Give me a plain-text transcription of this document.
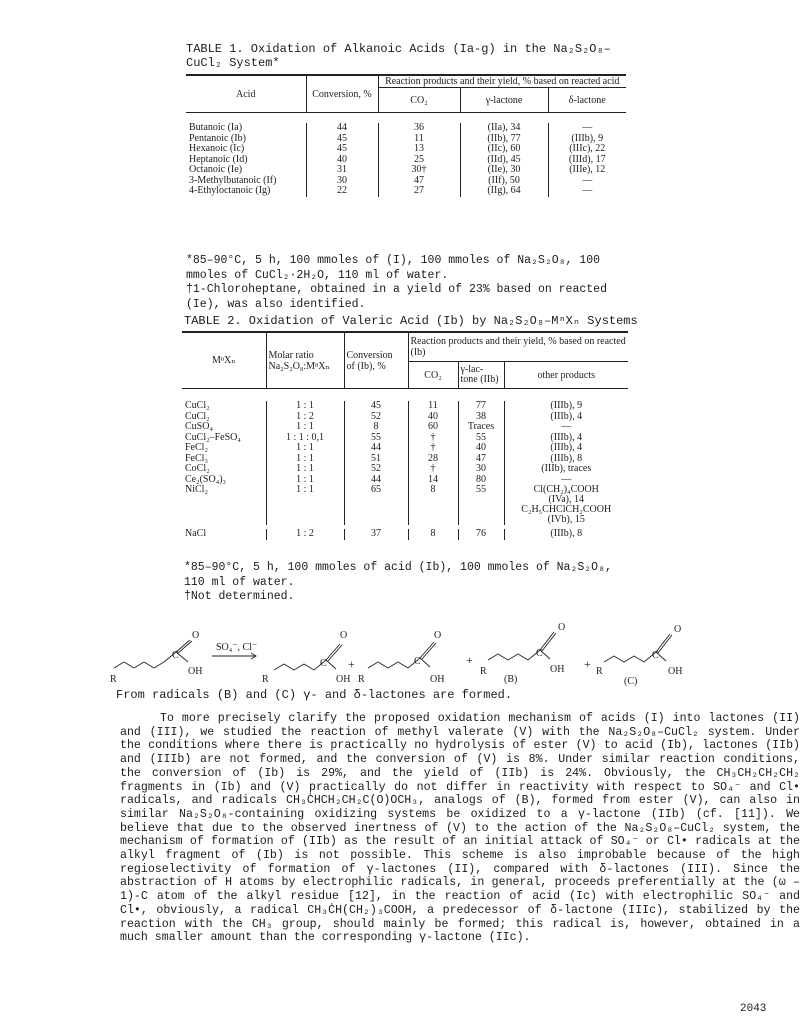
TABLE 1. Oxidation of Alkanoic Acids (Ia-g) in the Na₂S₂O₈–
CuCl₂ System*
Acid	Conversion, %	Reaction products and their yield, % based on reacted acid		
		CO₂	γ-lactone	δ-lactone

Butanoic (Ia)	44	36	(IIa), 34	—
Pentanoic (Ib)	45	11	(IIb), 77	(IIIb), 9
Hexanoic (Ic)	45	13	(IIc), 60	(IIIc), 22
Heptanoic (Id)	40	25	(IId), 45	(IIId), 17
Octanoic (Ie)	31	30†	(IIe), 30	(IIIe), 12
3-Methylbutanoic (If)	30	47	(IIf), 50	—
4-Ethyloctanoic (Ig)	22	27	(IIg), 64	—
*85–90°C, 5 h, 100 mmoles of (I), 100 mmoles of Na₂S₂O₈, 100 mmoles of CuCl₂·2H₂O, 110 ml of water.
†1-Chloroheptane, obtained in a yield of 23% based on reacted (Ie), was also identified.
TABLE 2. Oxidation of Valeric Acid (Ib) by Na₂S₂O₈–MⁿXₙ Systems
MⁿXₙ	Molar ratio
Na₂S₂O₈:MⁿXₙ	Conversion
of (Ib), %	Reaction products and their yield, % based on reacted (Ib)		
			CO₂	γ-lac-
tone (IIb)	other products

CuCl₂	1 : 1	45	11	77	(IIIb), 9
CuCl₂	1 : 2	52	40	38	(IIIb), 4
CuSO₄	1 : 1	8	60	Traces	—
CuCl₂–FeSO₄	1 : 1 : 0,1	55	†	55	(IIIb), 4
FeCl₂	1 : 1	44	†	40	(IIIb), 4
FeCl₃	1 : 1	51	28	47	(IIIb), 8
CoCl₂	1 : 1	52	†	30	(IIIb), traces
Ce₂(SO₄)₃	1 : 1	44	14	80	—
NiCl₂	1 : 1	65	8	55	Cl(CH₂)₄COOH
(IVa), 14
C₂H₅CHClCH₂COOH
(IVb), 15

NaCl	1 : 2	37	8	76	(IIIb), 8
*85–90°C, 5 h, 100 mmoles of acid (Ib), 100 mmoles of Na₂S₂O₈, 110 ml of water.
†Not determined.
R
C
O
OH
SO₄⁻, Cl⁻
R
C
O
OH
+
R
C
O
OH
+
R
C
O
OH
(B)
+
R
C
O
OH
(C)
From radicals (B) and (C) γ- and δ-lactones are formed.

To more precisely clarify the proposed oxidation mechanism of acids (I) into lactones (II) and (III), we studied the reaction of methyl valerate (V) with the Na₂S₂O₈–CuCl₂ system. Under the conditions where there is practically no hydrolysis of ester (V) to acid (Ib), lactones (IIb) and (IIIb) are not formed, and the conversion of (V) is 8%. Under similar reaction conditions, the conversion of (Ib) is 29%, and the yield of (IIb) is 24%. Obviously, the CH₃CH₂CH₂CH₂ fragments in (Ib) and (V) practically do not differ in reactivity with respect to SO₄⁻ and Cl• radicals, and radicals CH₃ĊHCH₂CH₂C(O)OCH₃, analogs of (B), formed from ester (V), can also in similar Na₂S₂O₈-containing oxidizing systems be oxidized to a γ-lactone (IIb) (cf. [11]). We believe that due to the observed inertness of (V) to the action of the Na₂S₂O₈–CuCl₂ system, the mechanism of formation of (IIb) as the result of an initial attack of SO₄⁻ or Cl• radicals at the alkyl fragment of (Ib) is not possible. This scheme is also improbable because of the high regioselectivity of formation of γ-lactones (II), compared with δ-lactones (III). Since the abstraction of H atoms by electrophilic radicals, in general, proceeds preferentially at the (ω – 1)-C atom of the alkyl residue [12], in the reaction of acid (Ic) with electrophilic SO₄⁻ and Cl•, obviously, a radical CH₃ĊH(CH₂)₃COOH, a predecessor of δ-lactone (IIIc), stabilized by the reaction with the CH₃ group, should mainly be formed; this radical is, however, obtained in a much smaller amount than the corresponding γ-lactone (IIc).

2043
